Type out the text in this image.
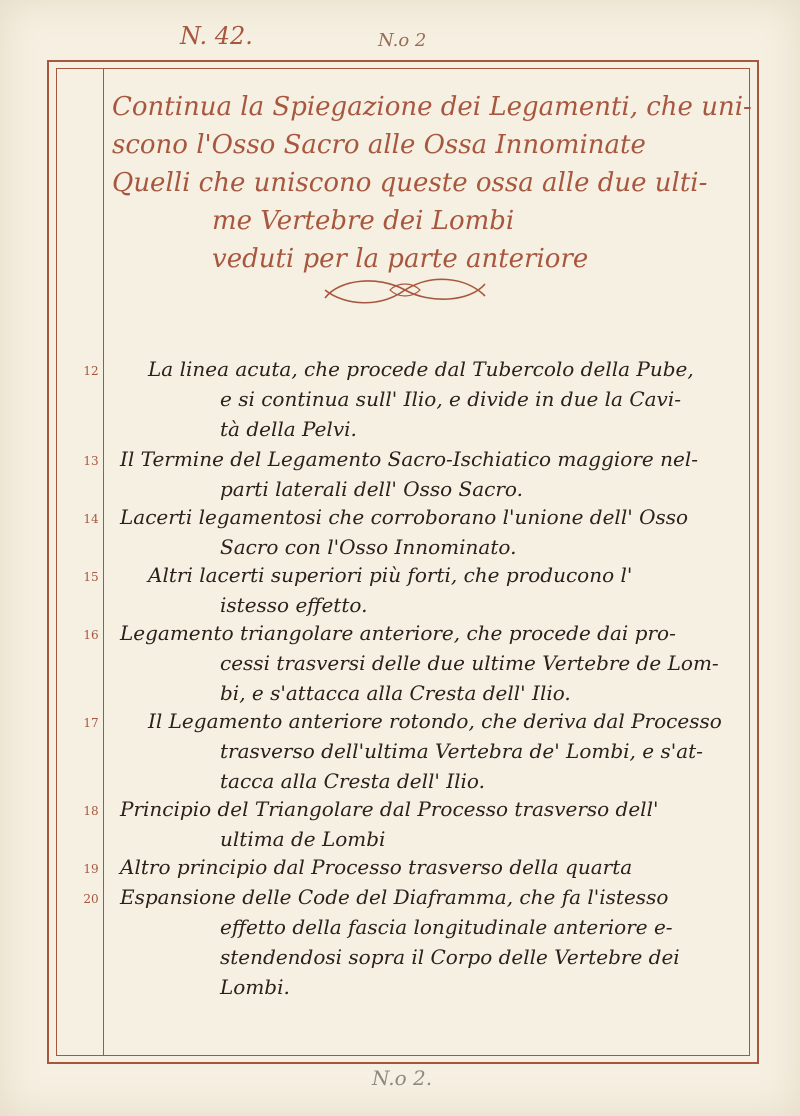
N. 42.	N.o 2
N.o 2.
Continua la Spiegazione dei Legamenti, che uni-
scono l'Osso Sacro alle Ossa Innominate
Quelli che uniscono queste ossa alle due ulti-
me Vertebre dei Lombi
veduti per la parte anteriore
12	La linea acuta, che procede dal Tubercolo della Pube,
e si continua sull' Ilio, e divide in due la Cavi-
tà della Pelvi.
13 Il Termine del Legamento Sacro-Ischiatico maggiore nel-
parti laterali dell' Osso Sacro.
14 Lacerti legamentosi che corroborano l'unione dell' Osso
Sacro con l'Osso Innominato.
15	Altri lacerti superiori più forti, che producono l'
istesso effetto.
16 Legamento triangolare anteriore, che procede dai pro-
cessi trasversi delle due ultime Vertebre de Lom-
bi, e s'attacca alla Cresta dell' Ilio.
17	Il Legamento anteriore rotondo, che deriva dal Processo
trasverso dell'ultima Vertebra de' Lombi, e s'at-
tacca alla Cresta dell' Ilio.
18 Principio del Triangolare dal Processo trasverso dell'
ultima de Lombi
19 Altro principio dal Processo trasverso della quarta
20 Espansione delle Code del Diaframma, che fa l'istesso
effetto della fascia longitudinale anteriore e-
stendendosi sopra il Corpo delle Vertebre dei
Lombi.
